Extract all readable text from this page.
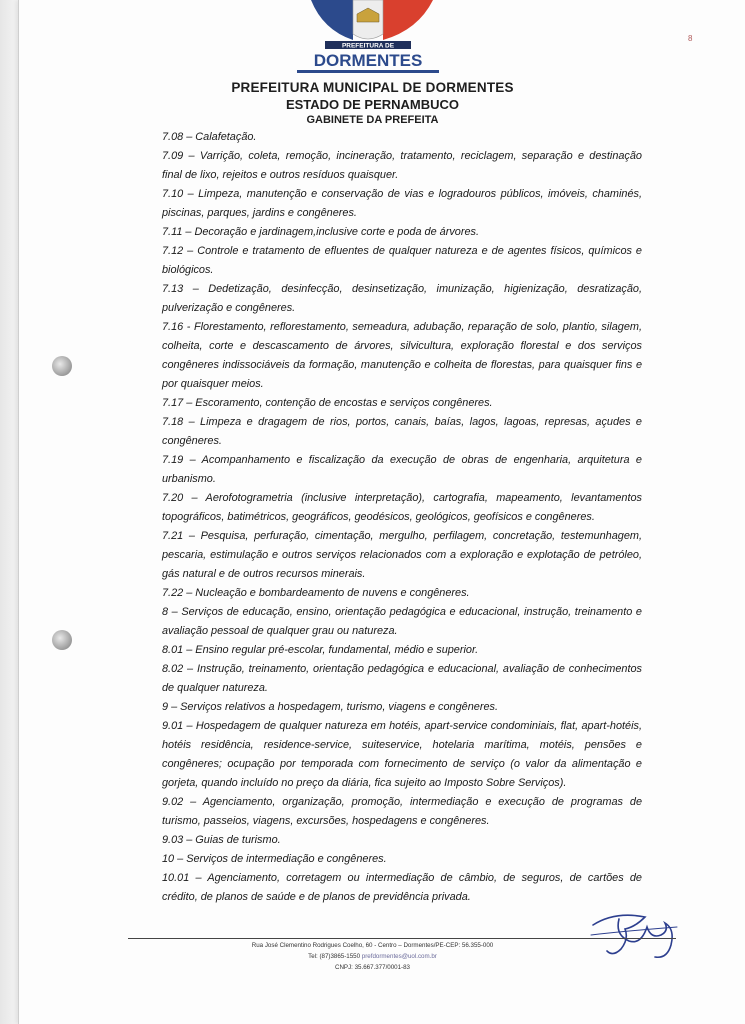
PREFEITURA DE
DORMENTES
8
PREFEITURA MUNICIPAL DE DORMENTES
ESTADO DE PERNAMBUCO
GABINETE DA PREFEITA

7.08 – Calafetação.

7.09 – Varrição, coleta, remoção, incineração, tratamento, reciclagem, separação e destinação final de lixo, rejeitos e outros resíduos quaisquer.

7.10 – Limpeza, manutenção e conservação de vias e logradouros públicos, imóveis, chaminés, piscinas, parques, jardins e congêneres.

7.11 – Decoração e jardinagem,inclusive corte e poda de árvores.

7.12 – Controle e tratamento de efluentes de qualquer natureza e de agentes físicos, químicos e biológicos.

7.13 – Dedetização, desinfecção, desinsetização, imunização, higienização, desratização, pulverização e congêneres.

7.16 - Florestamento, reflorestamento, semeadura, adubação, reparação de solo, plantio, silagem, colheita, corte e descascamento de árvores, silvicultura, exploração florestal e dos serviços congêneres indissociáveis da formação, manutenção e colheita de florestas, para quaisquer fins e por quaisquer meios.

7.17 – Escoramento, contenção de encostas e serviços congêneres.

7.18 – Limpeza e dragagem de rios, portos, canais, baías, lagos, lagoas, represas, açudes e congêneres.

7.19 – Acompanhamento e fiscalização da execução de obras de engenharia, arquitetura e urbanismo.

7.20 – Aerofotogrametria (inclusive interpretação), cartografia, mapeamento, levantamentos topográficos, batimétricos, geográficos, geodésicos, geológicos, geofísicos e congêneres.

7.21 – Pesquisa, perfuração, cimentação, mergulho, perfilagem, concretação, testemunhagem, pescaria, estimulação e outros serviços relacionados com a exploração e explotação de petróleo, gás natural e de outros recursos minerais.

7.22 – Nucleação e bombardeamento de nuvens e congêneres.

8 – Serviços de educação, ensino, orientação pedagógica e educacional, instrução, treinamento e avaliação pessoal de qualquer grau ou natureza.

8.01 – Ensino regular pré-escolar, fundamental, médio e superior.

8.02 – Instrução, treinamento, orientação pedagógica e educacional, avaliação de conhecimentos de qualquer natureza.

9 – Serviços relativos a hospedagem, turismo, viagens e congêneres.

9.01 – Hospedagem de qualquer natureza em hotéis, apart-service condominiais, flat, apart-hotéis, hotéis residência, residence-service, suiteservice, hotelaria marítima, motéis, pensões e congêneres; ocupação por temporada com fornecimento de serviço (o valor da alimentação e gorjeta, quando incluído no preço da diária, fica sujeito ao Imposto Sobre Serviços).

9.02 – Agenciamento, organização, promoção, intermediação e execução de programas de turismo, passeios, viagens, excursões, hospedagens e congêneres.

9.03 – Guias de turismo.

10 – Serviços de intermediação e congêneres.

10.01 – Agenciamento, corretagem ou intermediação de câmbio, de seguros, de cartões de crédito, de planos de saúde e de planos de previdência privada.

Rua José Clementino Rodrigues Coelho, 60 - Centro – Dormentes/PE-CEP: 56.355-000
Tel: (87)3865-1550 prefdormentes@uol.com.br
CNPJ: 35.667.377/0001-83
